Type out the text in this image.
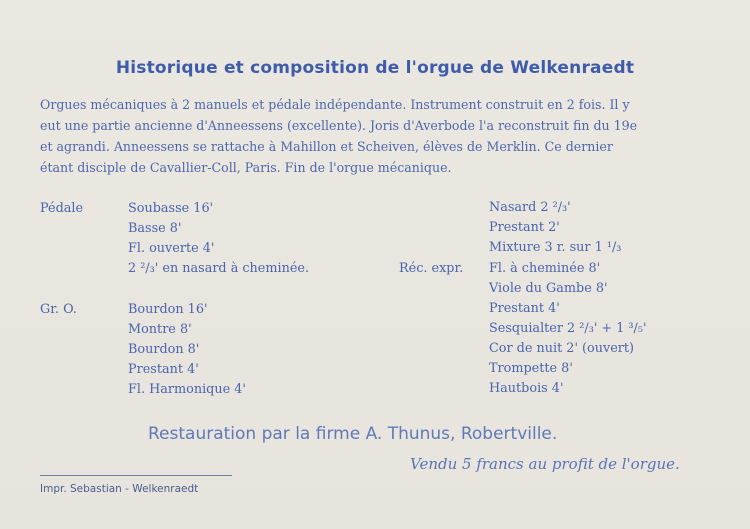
Historique et composition de l'orgue de Welkenraedt
Orgues mécaniques à 2 manuels et pédale indépendante. Instrument construit en 2 fois. Il y
eut une partie ancienne d'Anneessens (excellente). Joris d'Averbode l'a reconstruit fin du 19e
et agrandi. Anneessens se rattache à Mahillon et Scheiven, élèves de Merklin. Ce dernier
étant disciple de Cavallier-Coll, Paris. Fin de l'orgue mécanique.
Pédale
Gr. O.
Réc. expr.
Soubasse 16'
Basse 8'
Fl. ouverte 4'
2 ²/₃' en nasard à cheminée.
Bourdon 16'
Montre 8'
Bourdon 8'
Prestant 4'
Fl. Harmonique 4'
Nasard 2 ²/₃'
Prestant 2'
Mixture 3 r. sur 1 ¹/₃
Fl. à cheminée 8'
Viole du Gambe 8'
Prestant 4'
Sesquialter 2 ²/₃' + 1 ³/₅'
Cor de nuit 2' (ouvert)
Trompette 8'
Hautbois 4'
Restauration par la firme A. Thunus, Robertville.
Vendu 5 francs au profit de l'orgue.
Impr. Sebastian - Welkenraedt
